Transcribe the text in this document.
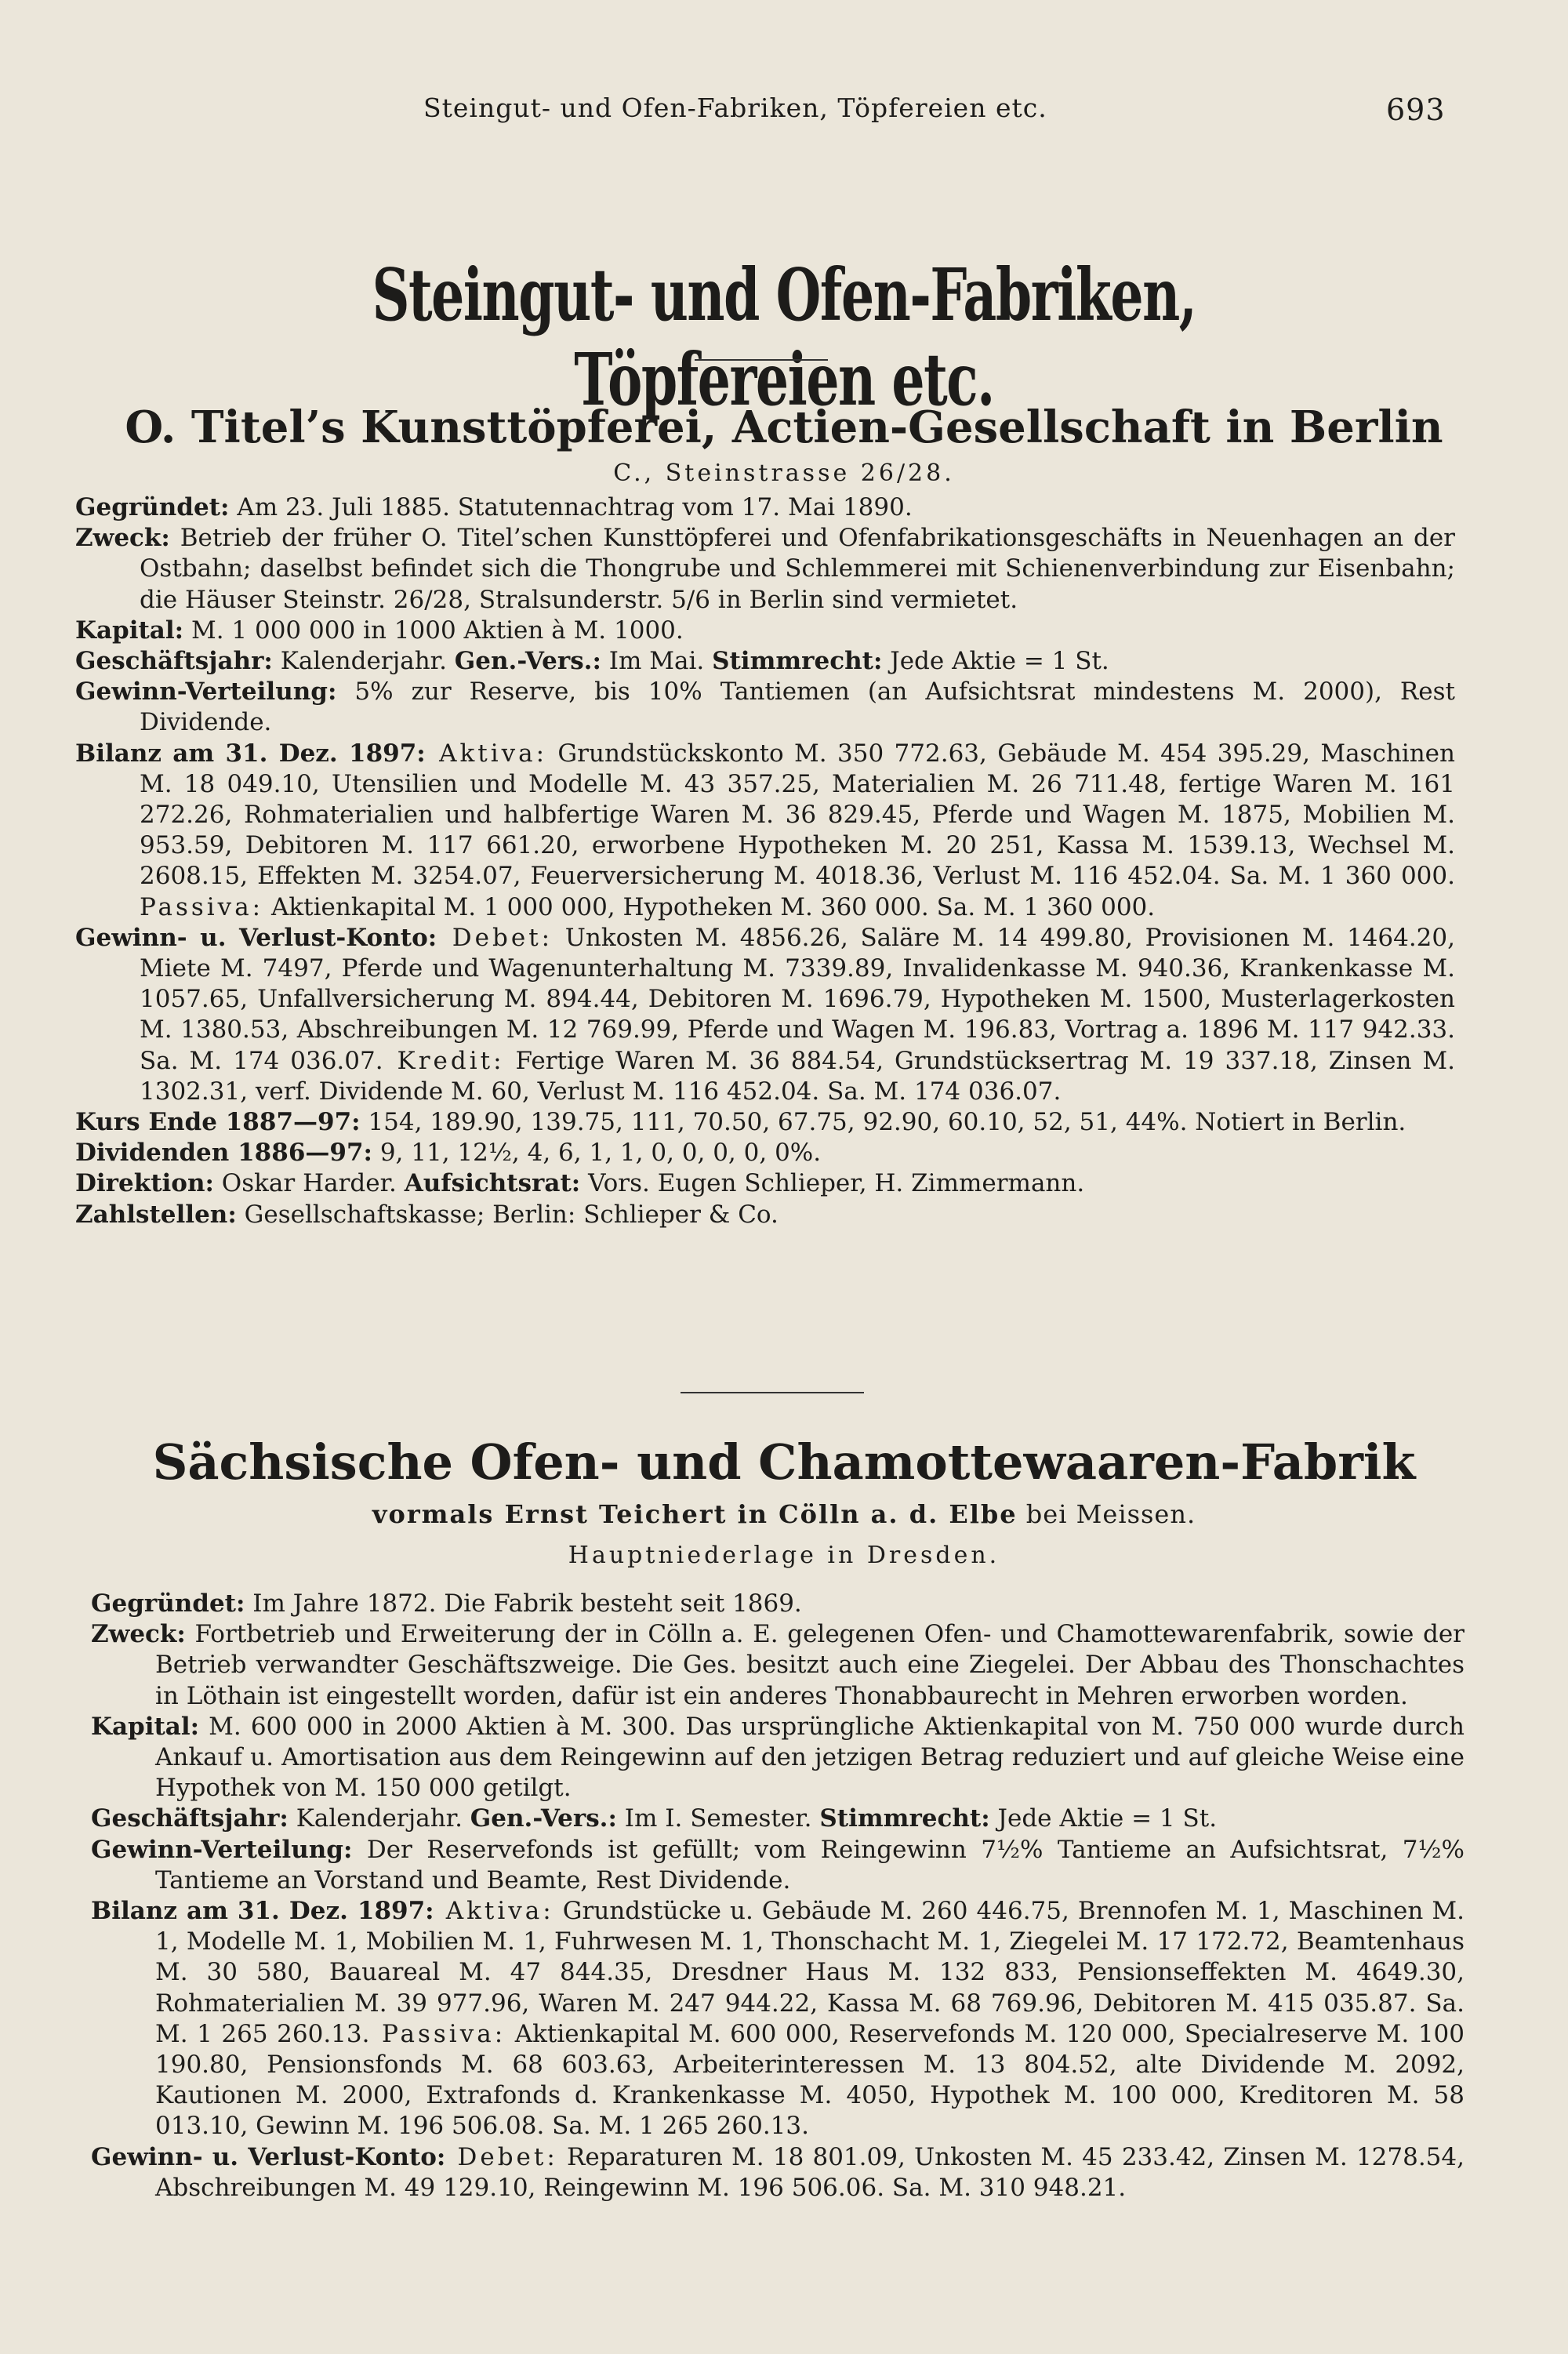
Steingut- und Ofen-Fabriken, Töpfereien etc.	693
Steingut- und Ofen-Fabriken, Töpfereien etc.
O. Titel’s Kunsttöpferei, Actien-Gesellschaft in Berlin
C., Steinstrasse 26/28.
Gegründet: Am 23. Juli 1885. Statutennachtrag vom 17. Mai 1890.
Zweck: Betrieb der früher O. Titel’schen Kunsttöpferei und Ofenfabrikationsgeschäfts in Neuenhagen an der Ostbahn; daselbst befindet sich die Thongrube und Schlemmerei mit Schienenverbindung zur Eisenbahn; die Häuser Steinstr. 26/28, Stralsunderstr. 5/6 in Berlin sind vermietet.
Kapital: M. 1 000 000 in 1000 Aktien à M. 1000.
Geschäftsjahr: Kalenderjahr. Gen.-Vers.: Im Mai. Stimmrecht: Jede Aktie = 1 St.
Gewinn-Verteilung: 5% zur Reserve, bis 10% Tantiemen (an Aufsichtsrat mindestens M. 2000), Rest Dividende.
Bilanz am 31. Dez. 1897: Aktiva: Grundstückskonto M. 350 772.63, Gebäude M. 454 395.29, Maschinen M. 18 049.10, Utensilien und Modelle M. 43 357.25, Materialien M. 26 711.48, fertige Waren M. 161 272.26, Rohmaterialien und halbfertige Waren M. 36 829.45, Pferde und Wagen M. 1875, Mobilien M. 953.59, Debitoren M. 117 661.20, erworbene Hypotheken M. 20 251, Kassa M. 1539.13, Wechsel M. 2608.15, Effekten M. 3254.07, Feuerversicherung M. 4018.36, Verlust M. 116 452.04. Sa. M. 1 360 000. Passiva: Aktienkapital M. 1 000 000, Hypotheken M. 360 000. Sa. M. 1 360 000.
Gewinn- u. Verlust-Konto: Debet: Unkosten M. 4856.26, Saläre M. 14 499.80, Provisionen M. 1464.20, Miete M. 7497, Pferde und Wagenunterhaltung M. 7339.89, Invalidenkasse M. 940.36, Krankenkasse M. 1057.65, Unfallversicherung M. 894.44, Debitoren M. 1696.79, Hypotheken M. 1500, Musterlagerkosten M. 1380.53, Abschreibungen M. 12 769.99, Pferde und Wagen M. 196.83, Vortrag a. 1896 M. 117 942.33. Sa. M. 174 036.07. Kredit: Fertige Waren M. 36 884.54, Grundstücksertrag M. 19 337.18, Zinsen M. 1302.31, verf. Dividende M. 60, Verlust M. 116 452.04. Sa. M. 174 036.07.
Kurs Ende 1887—97: 154, 189.90, 139.75, 111, 70.50, 67.75, 92.90, 60.10, 52, 51, 44%. Notiert in Berlin.
Dividenden 1886—97: 9, 11, 12½, 4, 6, 1, 1, 0, 0, 0, 0, 0%.
Direktion: Oskar Harder. Aufsichtsrat: Vors. Eugen Schlieper, H. Zimmermann.
Zahlstellen: Gesellschaftskasse; Berlin: Schlieper & Co.
Sächsische Ofen- und Chamottewaaren-Fabrik
vormals Ernst Teichert in Cölln a. d. Elbe bei Meissen.
Hauptniederlage in Dresden.
Gegründet: Im Jahre 1872. Die Fabrik besteht seit 1869.
Zweck: Fortbetrieb und Erweiterung der in Cölln a. E. gelegenen Ofen- und Chamottewarenfabrik, sowie der Betrieb verwandter Geschäftszweige. Die Ges. besitzt auch eine Ziegelei. Der Abbau des Thonschachtes in Löthain ist eingestellt worden, dafür ist ein anderes Thonabbaurecht in Mehren erworben worden.
Kapital: M. 600 000 in 2000 Aktien à M. 300. Das ursprüngliche Aktienkapital von M. 750 000 wurde durch Ankauf u. Amortisation aus dem Reingewinn auf den jetzigen Betrag reduziert und auf gleiche Weise eine Hypothek von M. 150 000 getilgt.
Geschäftsjahr: Kalenderjahr. Gen.-Vers.: Im I. Semester. Stimmrecht: Jede Aktie = 1 St.
Gewinn-Verteilung: Der Reservefonds ist gefüllt; vom Reingewinn 7½% Tantieme an Aufsichtsrat, 7½% Tantieme an Vorstand und Beamte, Rest Dividende.
Bilanz am 31. Dez. 1897: Aktiva: Grundstücke u. Gebäude M. 260 446.75, Brennofen M. 1, Maschinen M. 1, Modelle M. 1, Mobilien M. 1, Fuhrwesen M. 1, Thonschacht M. 1, Ziegelei M. 17 172.72, Beamtenhaus M. 30 580, Bauareal M. 47 844.35, Dresdner Haus M. 132 833, Pensionseffekten M. 4649.30, Rohmaterialien M. 39 977.96, Waren M. 247 944.22, Kassa M. 68 769.96, Debitoren M. 415 035.87. Sa. M. 1 265 260.13. Passiva: Aktienkapital M. 600 000, Reservefonds M. 120 000, Specialreserve M. 100 190.80, Pensionsfonds M. 68 603.63, Arbeiterinteressen M. 13 804.52, alte Dividende M. 2092, Kautionen M. 2000, Extrafonds d. Krankenkasse M. 4050, Hypothek M. 100 000, Kreditoren M. 58 013.10, Gewinn M. 196 506.08. Sa. M. 1 265 260.13.
Gewinn- u. Verlust-Konto: Debet: Reparaturen M. 18 801.09, Unkosten M. 45 233.42, Zinsen M. 1278.54, Abschreibungen M. 49 129.10, Reingewinn M. 196 506.06. Sa. M. 310 948.21.
